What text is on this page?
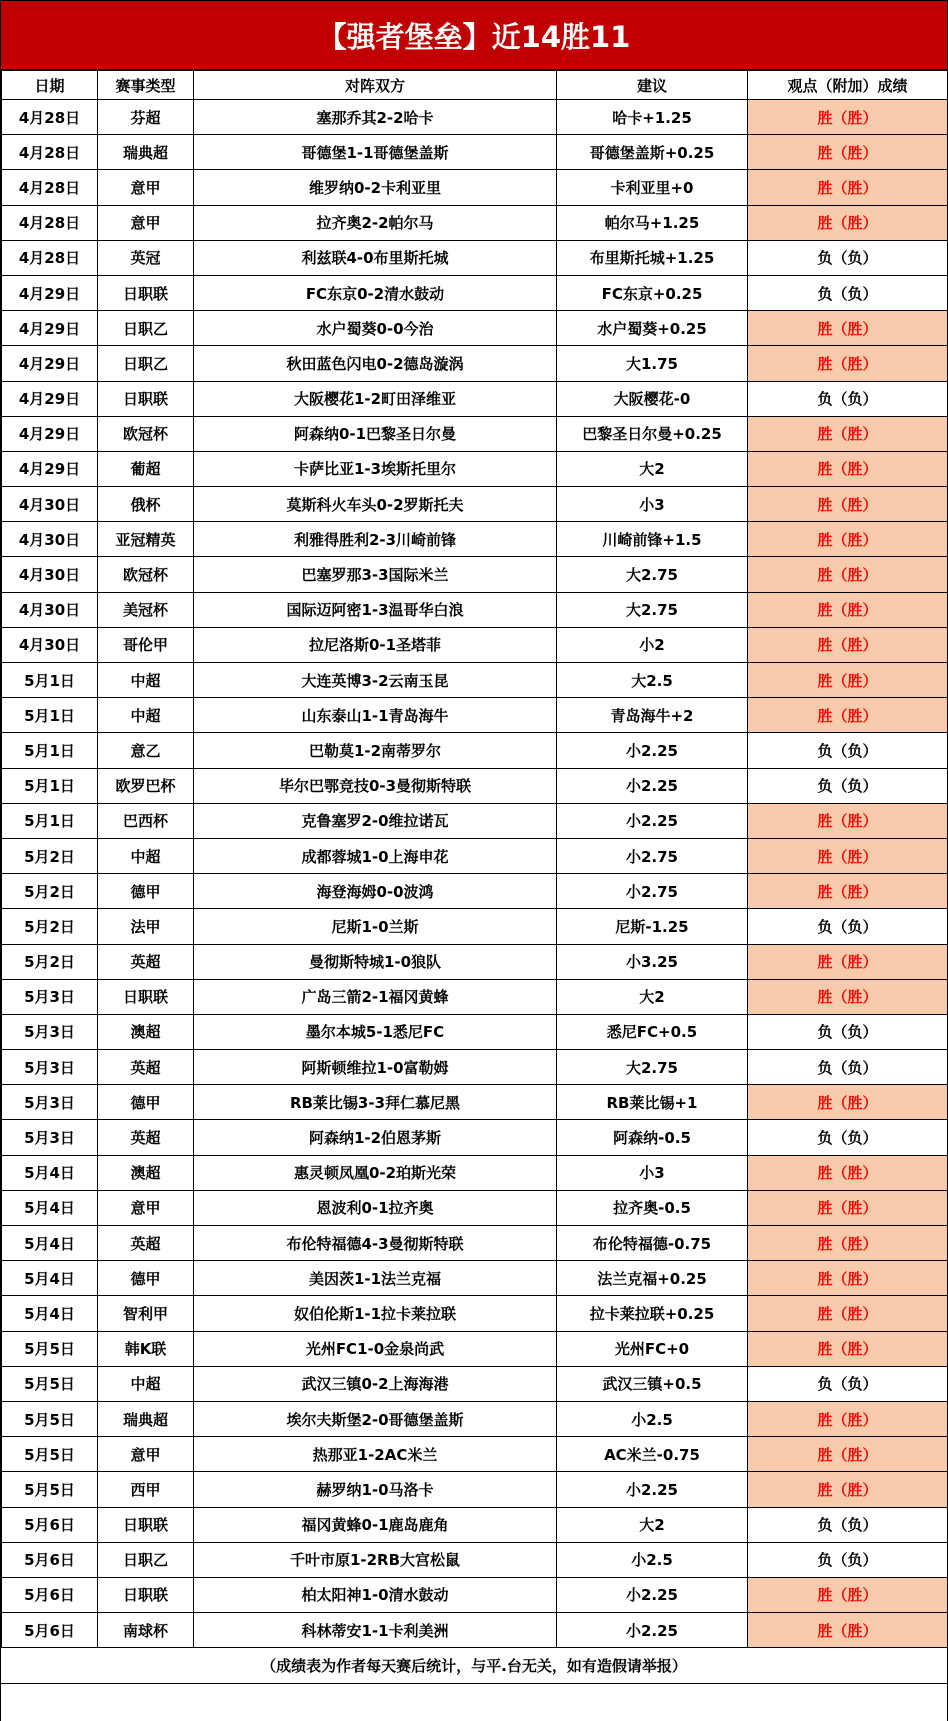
【强者堡垒】近14胜11
日期	赛事类型	对阵双方	建议	观点（附加）成绩
4月28日	芬超	塞那乔其2-2哈卡	哈卡+1.25	胜（胜）
4月28日	瑞典超	哥德堡1-1哥德堡盖斯	哥德堡盖斯+0.25	胜（胜）
4月28日	意甲	维罗纳0-2卡利亚里	卡利亚里+0	胜（胜）
4月28日	意甲	拉齐奥2-2帕尔马	帕尔马+1.25	胜（胜）
4月28日	英冠	利兹联4-0布里斯托城	布里斯托城+1.25	负（负）
4月29日	日职联	FC东京0-2清水鼓动	FC东京+0.25	负（负）
4月29日	日职乙	水户蜀葵0-0今治	水户蜀葵+0.25	胜（胜）
4月29日	日职乙	秋田蓝色闪电0-2德岛漩涡	大1.75	胜（胜）
4月29日	日职联	大阪樱花1-2町田泽维亚	大阪樱花-0	负（负）
4月29日	欧冠杯	阿森纳0-1巴黎圣日尔曼	巴黎圣日尔曼+0.25	胜（胜）
4月29日	葡超	卡萨比亚1-3埃斯托里尔	大2	胜（胜）
4月30日	俄杯	莫斯科火车头0-2罗斯托夫	小3	胜（胜）
4月30日	亚冠精英	利雅得胜利2-3川崎前锋	川崎前锋+1.5	胜（胜）
4月30日	欧冠杯	巴塞罗那3-3国际米兰	大2.75	胜（胜）
4月30日	美冠杯	国际迈阿密1-3温哥华白浪	大2.75	胜（胜）
4月30日	哥伦甲	拉尼洛斯0-1圣塔菲	小2	胜（胜）
5月1日	中超	大连英博3-2云南玉昆	大2.5	胜（胜）
5月1日	中超	山东泰山1-1青岛海牛	青岛海牛+2	胜（胜）
5月1日	意乙	巴勒莫1-2南蒂罗尔	小2.25	负（负）
5月1日	欧罗巴杯	毕尔巴鄂竞技0-3曼彻斯特联	小2.25	负（负）
5月1日	巴西杯	克鲁塞罗2-0维拉诺瓦	小2.25	胜（胜）
5月2日	中超	成都蓉城1-0上海申花	小2.75	胜（胜）
5月2日	德甲	海登海姆0-0波鸿	小2.75	胜（胜）
5月2日	法甲	尼斯1-0兰斯	尼斯-1.25	负（负）
5月2日	英超	曼彻斯特城1-0狼队	小3.25	胜（胜）
5月3日	日职联	广岛三箭2-1福冈黄蜂	大2	胜（胜）
5月3日	澳超	墨尔本城5-1悉尼FC	悉尼FC+0.5	负（负）
5月3日	英超	阿斯顿维拉1-0富勒姆	大2.75	负（负）
5月3日	德甲	RB莱比锡3-3拜仁慕尼黑	RB莱比锡+1	胜（胜）
5月3日	英超	阿森纳1-2伯恩茅斯	阿森纳-0.5	负（负）
5月4日	澳超	惠灵顿凤凰0-2珀斯光荣	小3	胜（胜）
5月4日	意甲	恩波利0-1拉齐奥	拉齐奥-0.5	胜（胜）
5月4日	英超	布伦特福德4-3曼彻斯特联	布伦特福德-0.75	胜（胜）
5月4日	德甲	美因茨1-1法兰克福	法兰克福+0.25	胜（胜）
5月4日	智利甲	奴伯伦斯1-1拉卡莱拉联	拉卡莱拉联+0.25	胜（胜）
5月5日	韩K联	光州FC1-0金泉尚武	光州FC+0	胜（胜）
5月5日	中超	武汉三镇0-2上海海港	武汉三镇+0.5	负（负）
5月5日	瑞典超	埃尔夫斯堡2-0哥德堡盖斯	小2.5	胜（胜）
5月5日	意甲	热那亚1-2AC米兰	AC米兰-0.75	胜（胜）
5月5日	西甲	赫罗纳1-0马洛卡	小2.25	胜（胜）
5月6日	日职联	福冈黄蜂0-1鹿岛鹿角	大2	负（负）
5月6日	日职乙	千叶市原1-2RB大宫松鼠	小2.5	负（负）
5月6日	日职联	柏太阳神1-0清水鼓动	小2.25	胜（胜）
5月6日	南球杯	科林蒂安1-1卡利美洲	小2.25	胜（胜）
（成绩表为作者每天赛后统计，与平.台无关，如有造假请举报）
